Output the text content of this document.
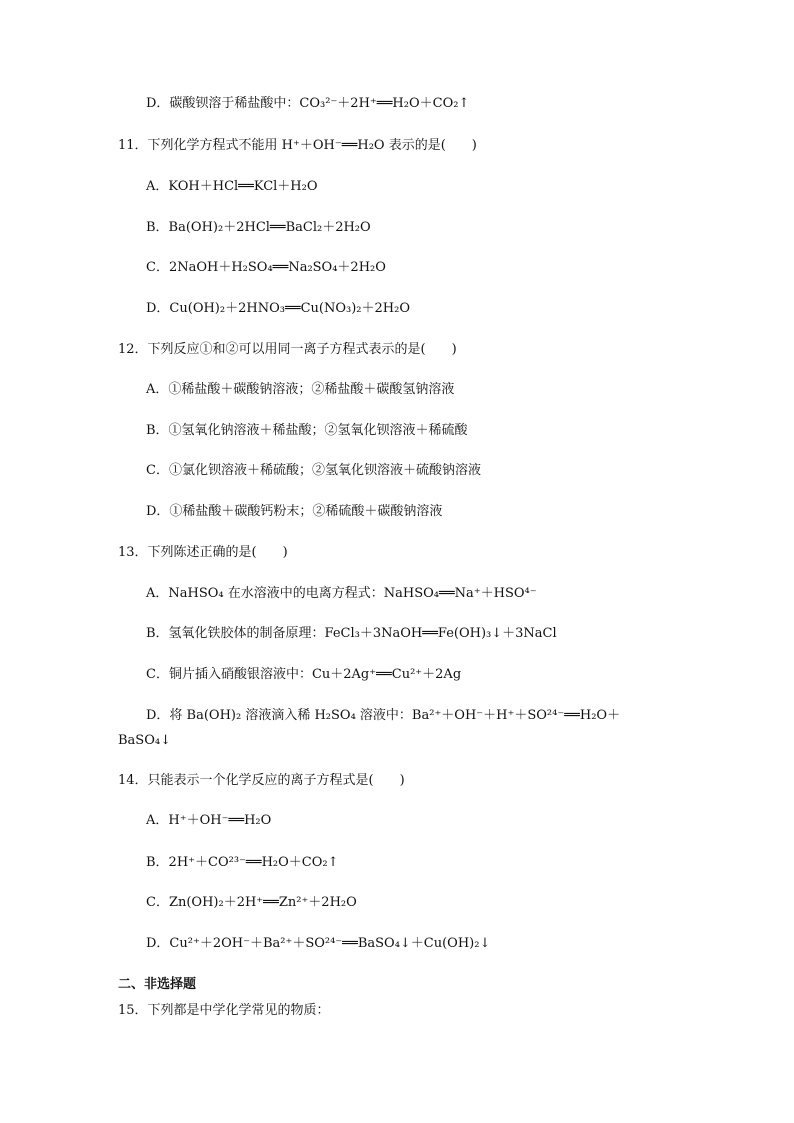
D．碳酸钡溶于稀盐酸中：CO₃²⁻＋2H⁺══H₂O＋CO₂↑
11．下列化学方程式不能用 H⁺＋OH⁻══H₂O 表示的是(　　)
A．KOH＋HCl══KCl＋H₂O
B．Ba(OH)₂＋2HCl══BaCl₂＋2H₂O
C．2NaOH＋H₂SO₄══Na₂SO₄＋2H₂O
D．Cu(OH)₂＋2HNO₃══Cu(NO₃)₂＋2H₂O
12．下列反应①和②可以用同一离子方程式表示的是(　　)
A．①稀盐酸＋碳酸钠溶液；②稀盐酸＋碳酸氢钠溶液
B．①氢氧化钠溶液＋稀盐酸；②氢氧化钡溶液＋稀硫酸
C．①氯化钡溶液＋稀硫酸；②氢氧化钡溶液＋硫酸钠溶液
D．①稀盐酸＋碳酸钙粉末；②稀硫酸＋碳酸钠溶液
13．下列陈述正确的是(　　)
A．NaHSO₄ 在水溶液中的电离方程式：NaHSO₄══Na⁺＋HSO⁴⁻
B．氢氧化铁胶体的制备原理：FeCl₃＋3NaOH══Fe(OH)₃↓＋3NaCl
C．铜片插入硝酸银溶液中：Cu＋2Ag⁺══Cu²⁺＋2Ag
D．将 Ba(OH)₂ 溶液滴入稀 H₂SO₄ 溶液中：Ba²⁺＋OH⁻＋H⁺＋SO²⁴⁻══H₂O＋
BaSO₄↓
14．只能表示一个化学反应的离子方程式是(　　)
A．H⁺＋OH⁻══H₂O
B．2H⁺＋CO²³⁻══H₂O＋CO₂↑
C．Zn(OH)₂＋2H⁺══Zn²⁺＋2H₂O
D．Cu²⁺＋2OH⁻＋Ba²⁺＋SO²⁴⁻══BaSO₄↓＋Cu(OH)₂↓
二、非选择题
15．下列都是中学化学常见的物质：
